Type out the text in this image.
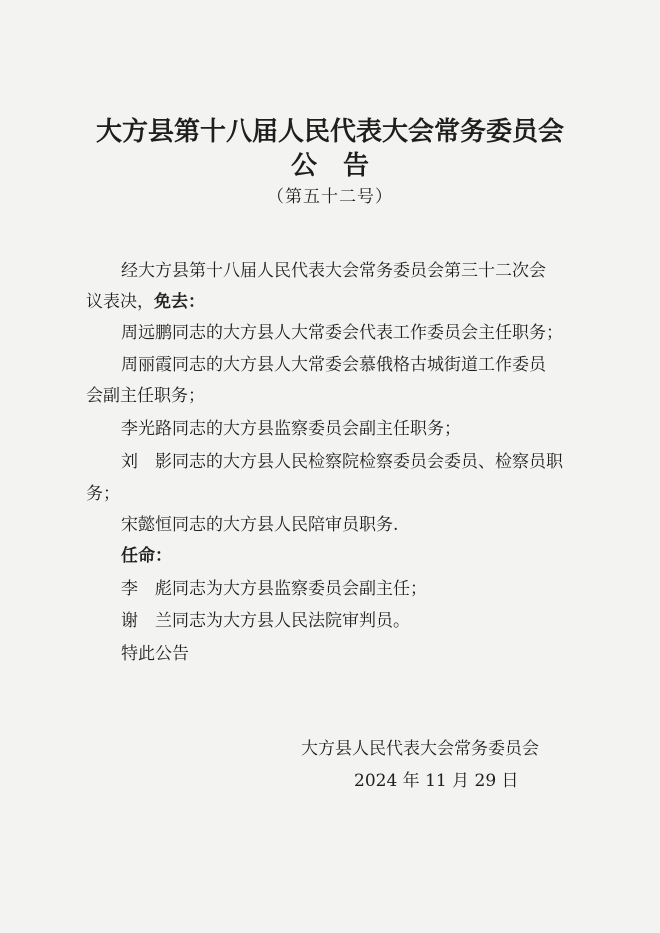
大方县第十八届人民代表大会常务委员会
公　告
（第五十二号）
经大方县第十八届人民代表大会常务委员会第三十二次会
议表决，免去：
周远鹏同志的大方县人大常委会代表工作委员会主任职务；
周丽霞同志的大方县人大常委会慕俄格古城街道工作委员
会副主任职务；
李光路同志的大方县监察委员会副主任职务；
刘　影同志的大方县人民检察院检察委员会委员、检察员职
务；
宋懿恒同志的大方县人民陪审员职务.
任命：
李　彪同志为大方县监察委员会副主任；
谢　兰同志为大方县人民法院审判员。
特此公告
大方县人民代表大会常务委员会
2024 年 11 月 29 日
